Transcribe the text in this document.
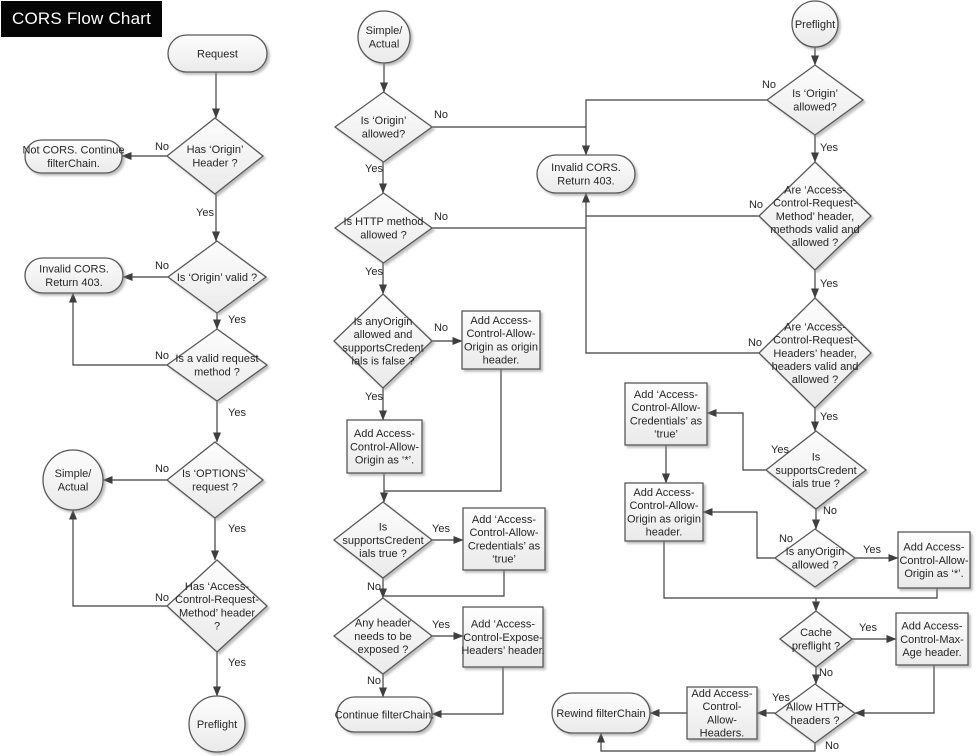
CORS Flow Chart
Request
Has ‘Origin’ Header ?
Not CORS. Continue filterChain.
Is ‘Origin’ valid ?
Invalid CORS. Return 403.
Is a valid request method ?
Is ‘OPTIONS’ request ?
Simple/ Actual
Has ‘Access-Control-Request-Method’ header ?
Preflight
Simple/ Actual
Is ‘Origin’ allowed?
Invalid CORS. Return 403.
Is HTTP method allowed ?
Is anyOrigin allowed and supportsCredent ials is false ?
Add Access-Control-Allow-Origin as origin header.
Add Access-Control-Allow-Origin as ‘*’.
Is supportsCredent ials true ?
Add ‘Access-Control-Allow-Credentials’ as ‘true’
Any header needs to be exposed ?
Add ‘Access-Control-Expose-Headers’ header.
Continue filterChain.
Preflight
Is ‘Origin’ allowed?
Are ‘Access-Control-Request-Method’ header, methods valid and allowed ?
Are ‘Access-Control-Request-Headers’ header, headers valid and allowed ?
Is supportsCredent ials true ?
Add ‘Access-Control-Allow-Credentials’ as ‘true’
Add Access-Control-Allow-Origin as origin header.
Is anyOrigin allowed ?
Add Access-Control-Allow-Origin as ‘*’.
Cache preflight ?
Add Access-Control-Max-Age header.
Allow HTTP headers ?
Add Access-Control-Allow-Headers.
Rewind filterChain
No
Yes
No
Yes
No
Yes
No
Yes
No
Yes
No
Yes
No
Yes
No
Yes
Yes
No
Yes
No
No
Yes
No
Yes
No
Yes
Yes
No
No
Yes
Yes
No
Yes
No
